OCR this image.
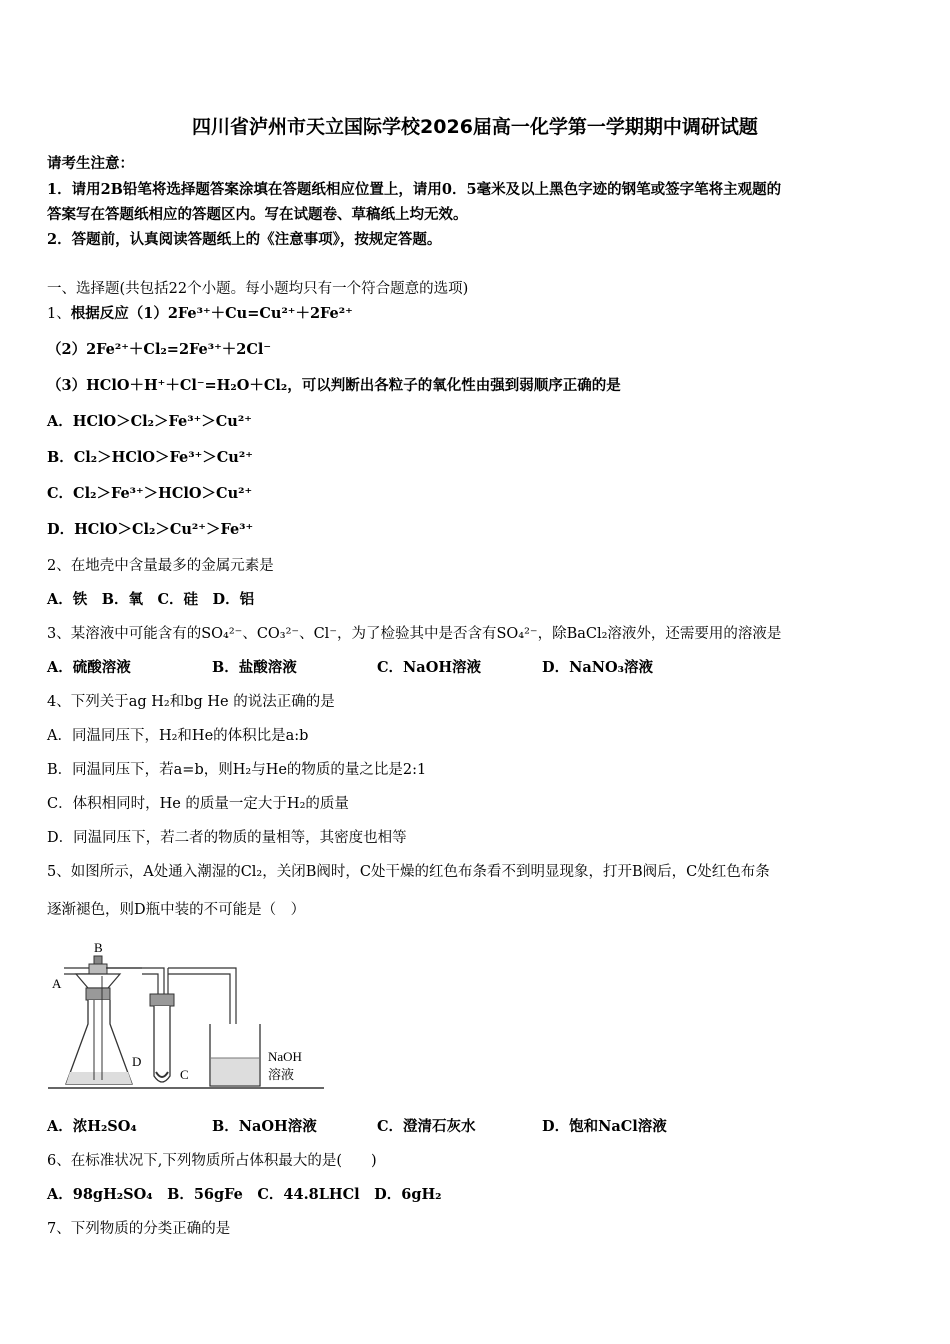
四川省泸州市天立国际学校2026届高一化学第一学期期中调研试题
请考生注意：
1．请用2B铅笔将选择题答案涂填在答题纸相应位置上，请用0．5毫米及以上黑色字迹的钢笔或签字笔将主观题的
答案写在答题纸相应的答题区内。写在试题卷、草稿纸上均无效。
2．答题前，认真阅读答题纸上的《注意事项》，按规定答题。
一、选择题(共包括22个小题。每小题均只有一个符合题意的选项)
1、根据反应（1）2Fe³⁺＋Cu=Cu²⁺＋2Fe²⁺
（2）2Fe²⁺＋Cl₂=2Fe³⁺＋2Cl⁻
（3）HClO＋H⁺＋Cl⁻=H₂O＋Cl₂，可以判断出各粒子的氧化性由强到弱顺序正确的是
A．HClO＞Cl₂＞Fe³⁺＞Cu²⁺
B．Cl₂＞HClO＞Fe³⁺＞Cu²⁺
C．Cl₂＞Fe³⁺＞HClO＞Cu²⁺
D．HClO＞Cl₂＞Cu²⁺＞Fe³⁺
2、在地壳中含量最多的金属元素是
A．铁　B．氧　C．硅　D．铝
3、某溶液中可能含有的SO₄²⁻、CO₃²⁻、Cl⁻，为了检验其中是否含有SO₄²⁻，除BaCl₂溶液外，还需要用的溶液是
A．硫酸溶液	B．盐酸溶液	C．NaOH溶液	D．NaNO₃溶液
4、下列关于ag H₂和bg He 的说法正确的是
A．同温同压下，H₂和He的体积比是a:b
B．同温同压下，若a=b，则H₂与He的物质的量之比是2:1
C．体积相同时，He 的质量一定大于H₂的质量
D．同温同压下，若二者的物质的量相等，其密度也相等
5、如图所示，A处通入潮湿的Cl₂，关闭B阀时，C处干燥的红色布条看不到明显现象，打开B阀后，C处红色布条
逐渐褪色，则D瓶中装的不可能是（　）
A
B
C
D	NaOH
溶液
A．浓H₂SO₄	B．NaOH溶液	C．澄清石灰水	D．饱和NaCl溶液
6、在标准状况下,下列物质所占体积最大的是(　　)
A．98gH₂SO₄　B．56gFe　C．44.8LHCl　D．6gH₂
7、下列物质的分类正确的是
